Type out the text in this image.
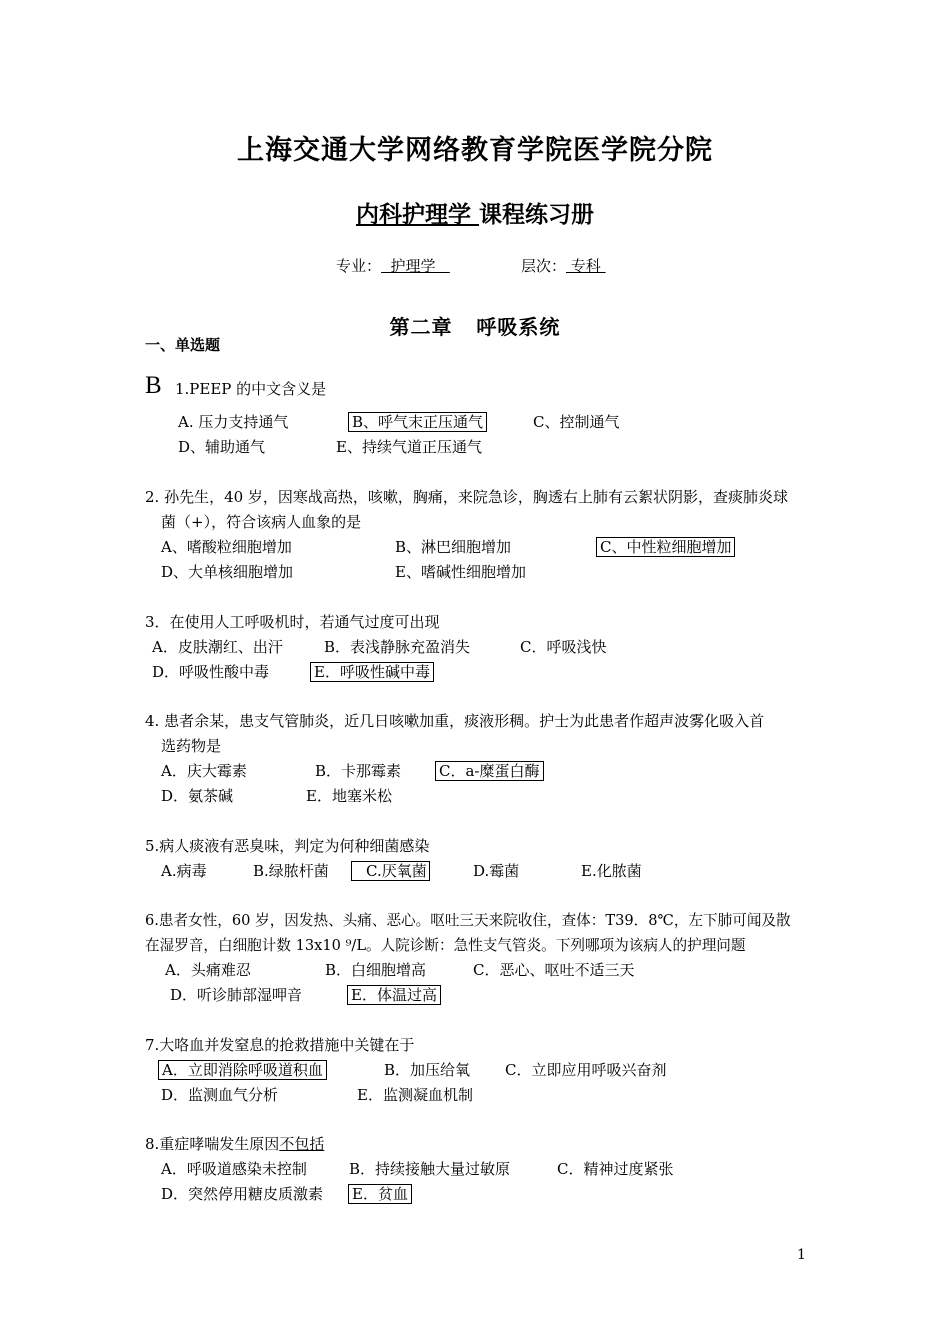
上海交通大学网络教育学院医学院分院
内科护理学 课程练习册
专业：  护理学	层次： 专科
第二章   呼吸系统
一、单选题
B 1.PEEP 的中文含义是
A. 压力支持通气	B、呼气末正压通气	C、控制通气
D、辅助通气	E、持续气道正压通气
2. 孙先生，40 岁，因寒战高热，咳嗽，胸痛，来院急诊，胸透右上肺有云絮状阴影，查痰肺炎球
菌（+），符合该病人血象的是
A、嗜酸粒细胞增加	B、淋巴细胞增加	C、中性粒细胞增加
D、大单核细胞增加	E、嗜碱性细胞增加
3．在使用人工呼吸机时，若通气过度可出现
A．皮肤潮红、出汗	B．表浅静脉充盈消失	C．呼吸浅快
D．呼吸性酸中毒	E．呼吸性碱中毒
4. 患者余某，患支气管肺炎，近几日咳嗽加重，痰液形稠。护士为此患者作超声波雾化吸入首
选药物是
A．庆大霉素	B．卡那霉素	C．a-糜蛋白酶
D．氨茶碱	E．地塞米松
5.病人痰液有恶臭味，判定为何种细菌感染
A.病毒	B.绿脓杆菌	C.厌氧菌	D.霉菌	E.化脓菌
6.患者女性，60 岁，因发热、头痛、恶心。呕吐三天来院收住，查体：T39．8℃，左下肺可闻及散
在湿罗音，白细胞计数 13x10 ⁹/L。人院诊断：急性支气管炎。下列哪项为该病人的护理问题
A．头痛难忍	B．白细胞增高	C．恶心、呕吐不适三天
D．听诊肺部湿呷音	E．体温过高
7.大咯血并发窒息的抢救措施中关键在于
A．立即消除呼吸道积血	B．加压给氧 C．立即应用呼吸兴奋剂
D．监测血气分析	E．监测凝血机制
8.重症哮喘发生原因不包括
A．呼吸道感染未控制	B．持续接触大量过敏原	C．精神过度紧张
D．突然停用糖皮质激素 E．贫血
1
